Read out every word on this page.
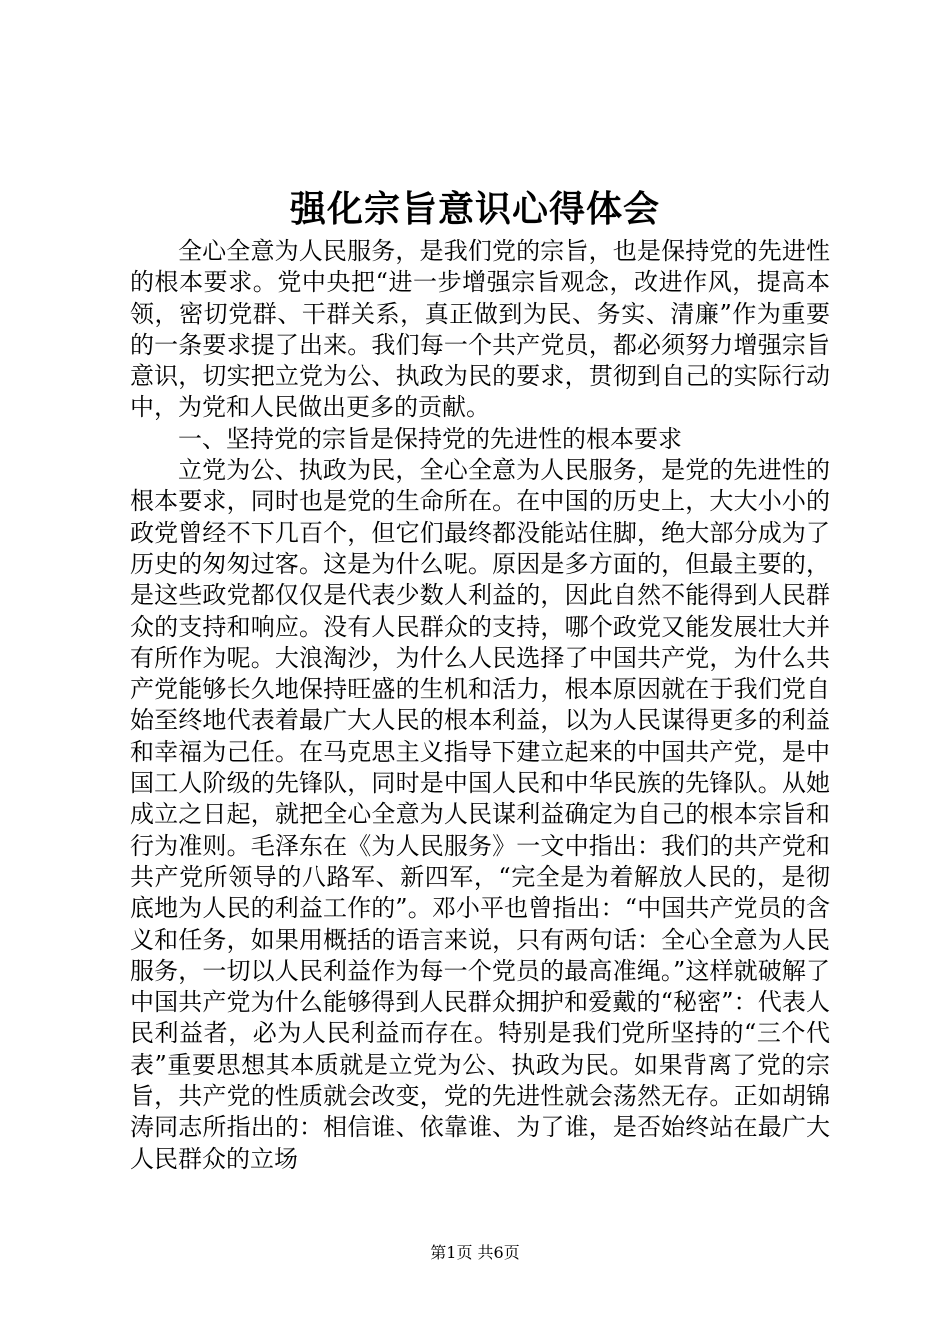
强化宗旨意识心得体会

全心全意为人民服务，是我们党的宗旨，也是保持党的先进性的根本要求。党中央把“进一步增强宗旨观念，改进作风，提高本领，密切党群、干群关系，真正做到为民、务实、清廉”作为重要的一条要求提了出来。我们每一个共产党员，都必须努力增强宗旨意识，切实把立党为公、执政为民的要求，贯彻到自己的实际行动中，为党和人民做出更多的贡献。

一、坚持党的宗旨是保持党的先进性的根本要求

立党为公、执政为民，全心全意为人民服务，是党的先进性的根本要求，同时也是党的生命所在。在中国的历史上，大大小小的政党曾经不下几百个，但它们最终都没能站住脚，绝大部分成为了历史的匆匆过客。这是为什么呢。原因是多方面的，但最主要的，是这些政党都仅仅是代表少数人利益的，因此自然不能得到人民群众的支持和响应。没有人民群众的支持，哪个政党又能发展壮大并有所作为呢。大浪淘沙，为什么人民选择了中国共产党，为什么共产党能够长久地保持旺盛的生机和活力，根本原因就在于我们党自始至终地代表着最广大人民的根本利益，以为人民谋得更多的利益和幸福为己任。在马克思主义指导下建立起来的中国共产党，是中国工人阶级的先锋队，同时是中国人民和中华民族的先锋队。从她成立之日起，就把全心全意为人民谋利益确定为自己的根本宗旨和行为准则。毛泽东在《为人民服务》一文中指出：我们的共产党和共产党所领导的八路军、新四军，“完全是为着解放人民的，是彻底地为人民的利益工作的”。邓小平也曾指出：“中国共产党员的含义和任务，如果用概括的语言来说，只有两句话：全心全意为人民服务，一切以人民利益作为每一个党员的最高准绳。”这样就破解了中国共产党为什么能够得到人民群众拥护和爱戴的“秘密”：代表人民利益者，必为人民利益而存在。特别是我们党所坚持的“三个代表”重要思想其本质就是立党为公、执政为民。如果背离了党的宗旨，共产党的性质就会改变，党的先进性就会荡然无存。正如胡锦涛同志所指出的：相信谁、依靠谁、为了谁，是否始终站在最广大人民群众的立场

第1页 共6页
